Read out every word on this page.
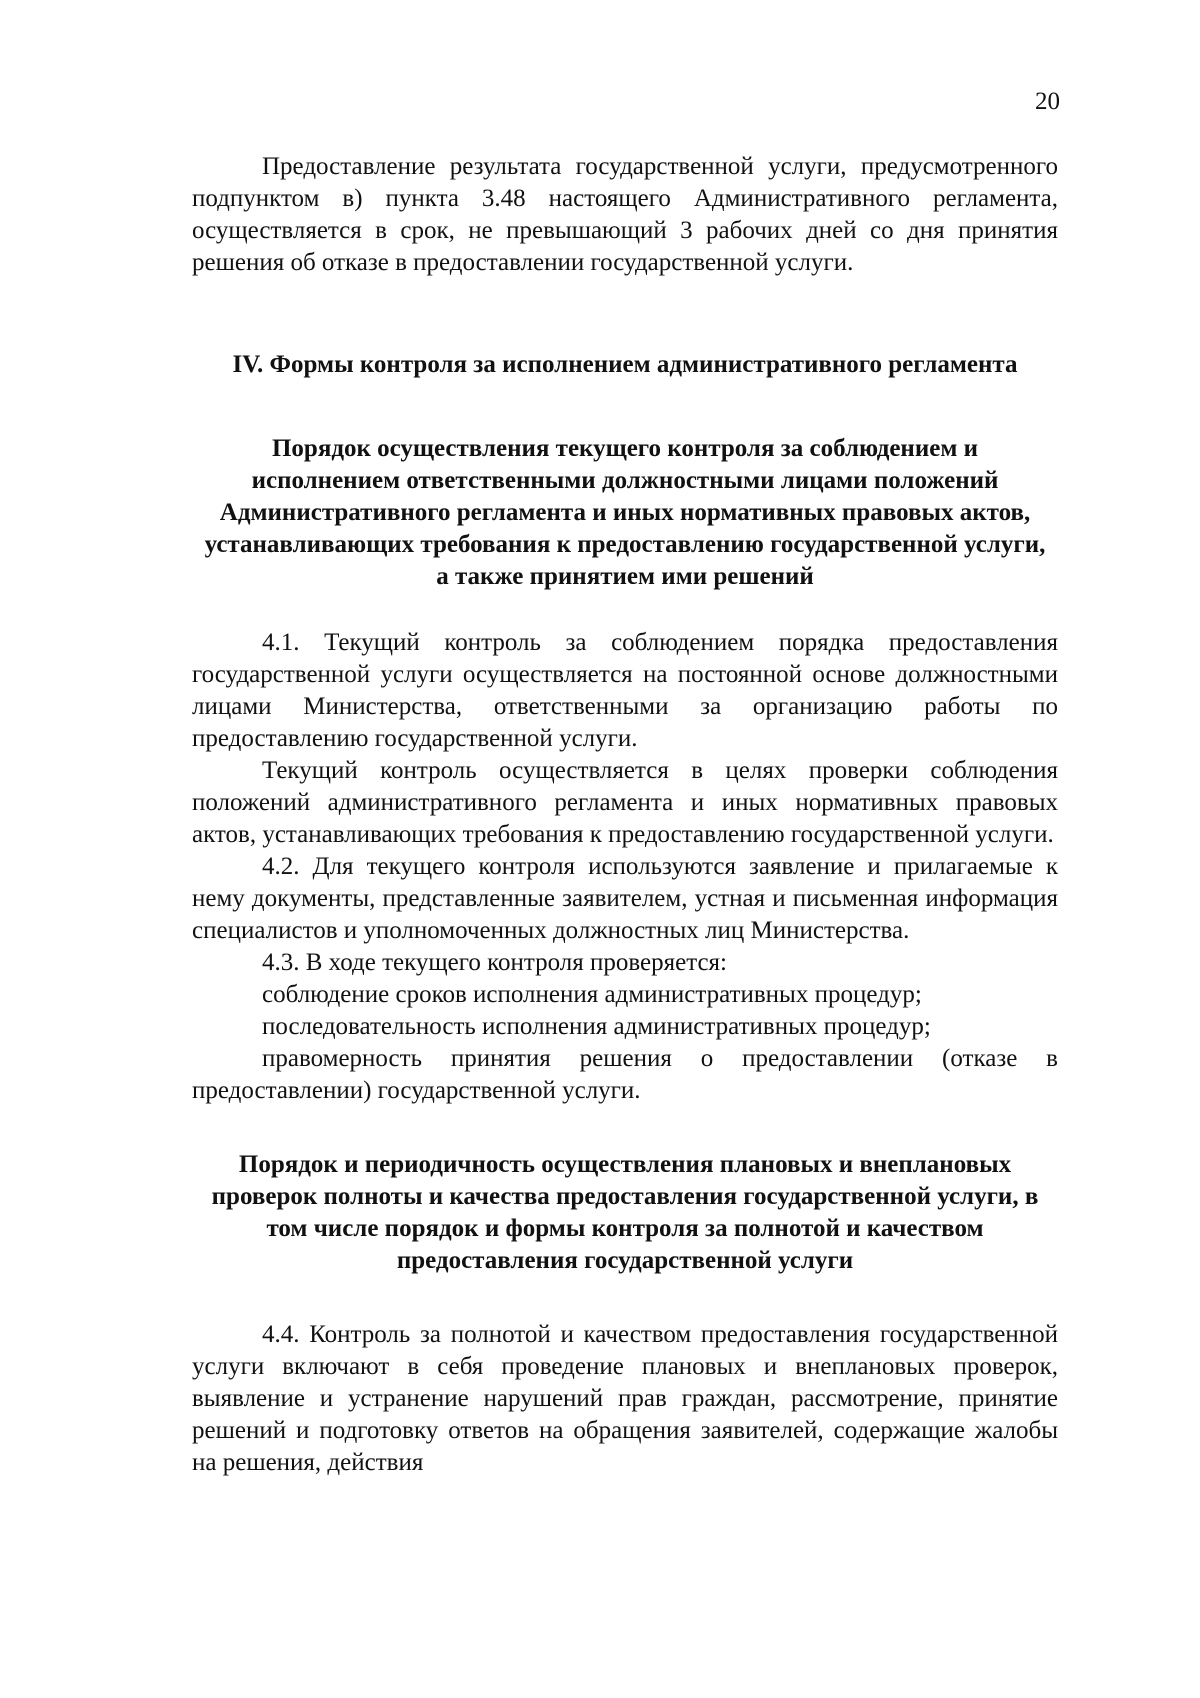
20

Предоставление результата государственной услуги, предусмотренного подпунктом в) пункта 3.48 настоящего Административного регламента, осуществляется в срок, не превышающий 3 рабочих дней со дня принятия решения об отказе в предоставлении государственной услуги.

IV. Формы контроля за исполнением административного регламента
Порядок осуществления текущего контроля за соблюдением и исполнением ответственными должностными лицами положений Административного регламента и иных нормативных правовых актов, устанавливающих требования к предоставлению государственной услуги, а также принятием ими решений

4.1. Текущий контроль за соблюдением порядка предоставления государственной услуги осуществляется на постоянной основе должностными лицами Министерства, ответственными за организацию работы по предоставлению государственной услуги.

Текущий контроль осуществляется в целях проверки соблюдения положений административного регламента и иных нормативных правовых актов, устанавливающих требования к предоставлению государственной услуги.

4.2. Для текущего контроля используются заявление и прилагаемые к нему документы, представленные заявителем, устная и письменная информация специалистов и уполномоченных должностных лиц Министерства.

4.3. В ходе текущего контроля проверяется:

соблюдение сроков исполнения административных процедур;

последовательность исполнения административных процедур;

правомерность принятия решения о предоставлении (отказе в предоставлении) государственной услуги.

Порядок и периодичность осуществления плановых и внеплановых проверок полноты и качества предоставления государственной услуги, в том числе порядок и формы контроля за полнотой и качеством предоставления государственной услуги

4.4. Контроль за полнотой и качеством предоставления государственной услуги включают в себя проведение плановых и внеплановых проверок, выявление и устранение нарушений прав граждан, рассмотрение, принятие решений и подготовку ответов на обращения заявителей, содержащие жалобы на решения, действия
